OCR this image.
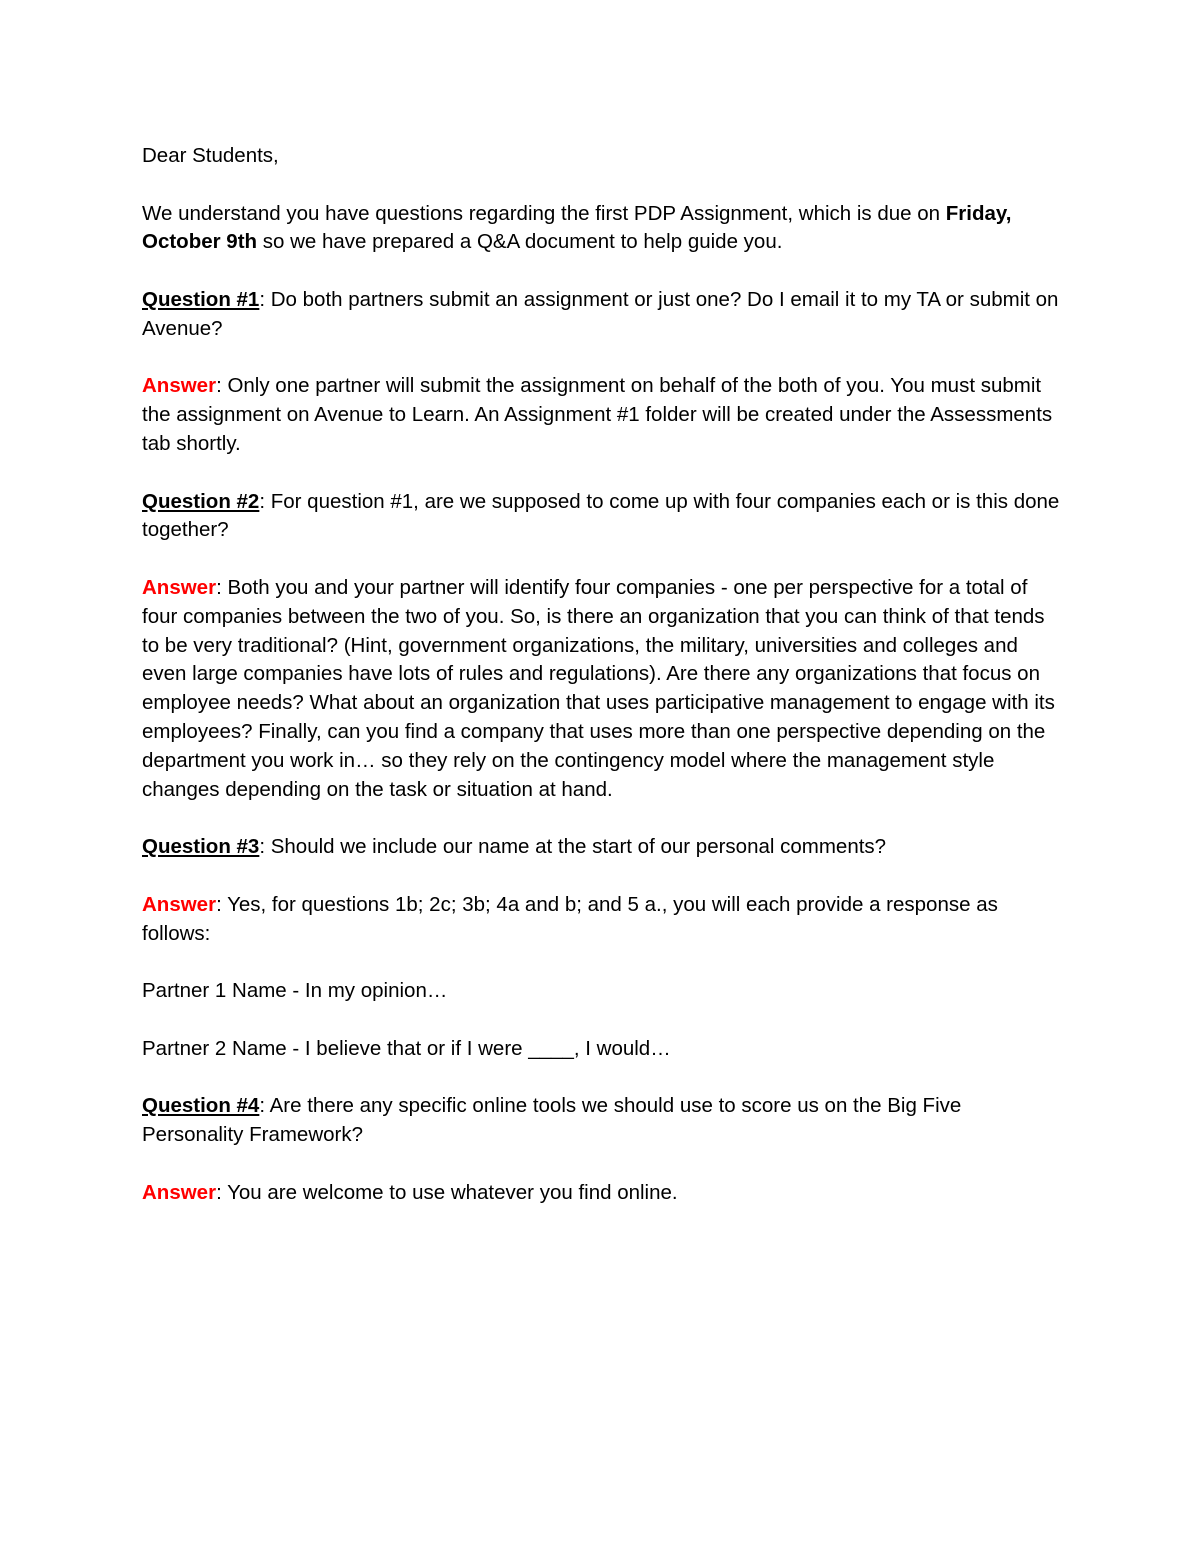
Dear Students,

We understand you have questions regarding the first PDP Assignment, which is due on Friday, October 9th so we have prepared a Q&A document to help guide you.

Question #1: Do both partners submit an assignment or just one? Do I email it to my TA or submit on Avenue?

Answer: Only one partner will submit the assignment on behalf of the both of you. You must submit the assignment on Avenue to Learn. An Assignment #1 folder will be created under the Assessments tab shortly.

Question #2: For question #1, are we supposed to come up with four companies each or is this done together?

Answer: Both you and your partner will identify four companies - one per perspective for a total of four companies between the two of you. So, is there an organization that you can think of that tends to be very traditional? (Hint, government organizations, the military, universities and colleges and even large companies have lots of rules and regulations). Are there any organizations that focus on employee needs? What about an organization that uses participative management to engage with its employees? Finally, can you find a company that uses more than one perspective depending on the department you work in… so they rely on the contingency model where the management style changes depending on the task or situation at hand.

Question #3: Should we include our name at the start of our personal comments?

Answer: Yes, for questions 1b; 2c; 3b; 4a and b; and 5 a., you will each provide a response as follows:

Partner 1 Name - In my opinion…

Partner 2 Name - I believe that or if I were ____, I would…

Question #4: Are there any specific online tools we should use to score us on the Big Five Personality Framework?

Answer: You are welcome to use whatever you find online.
